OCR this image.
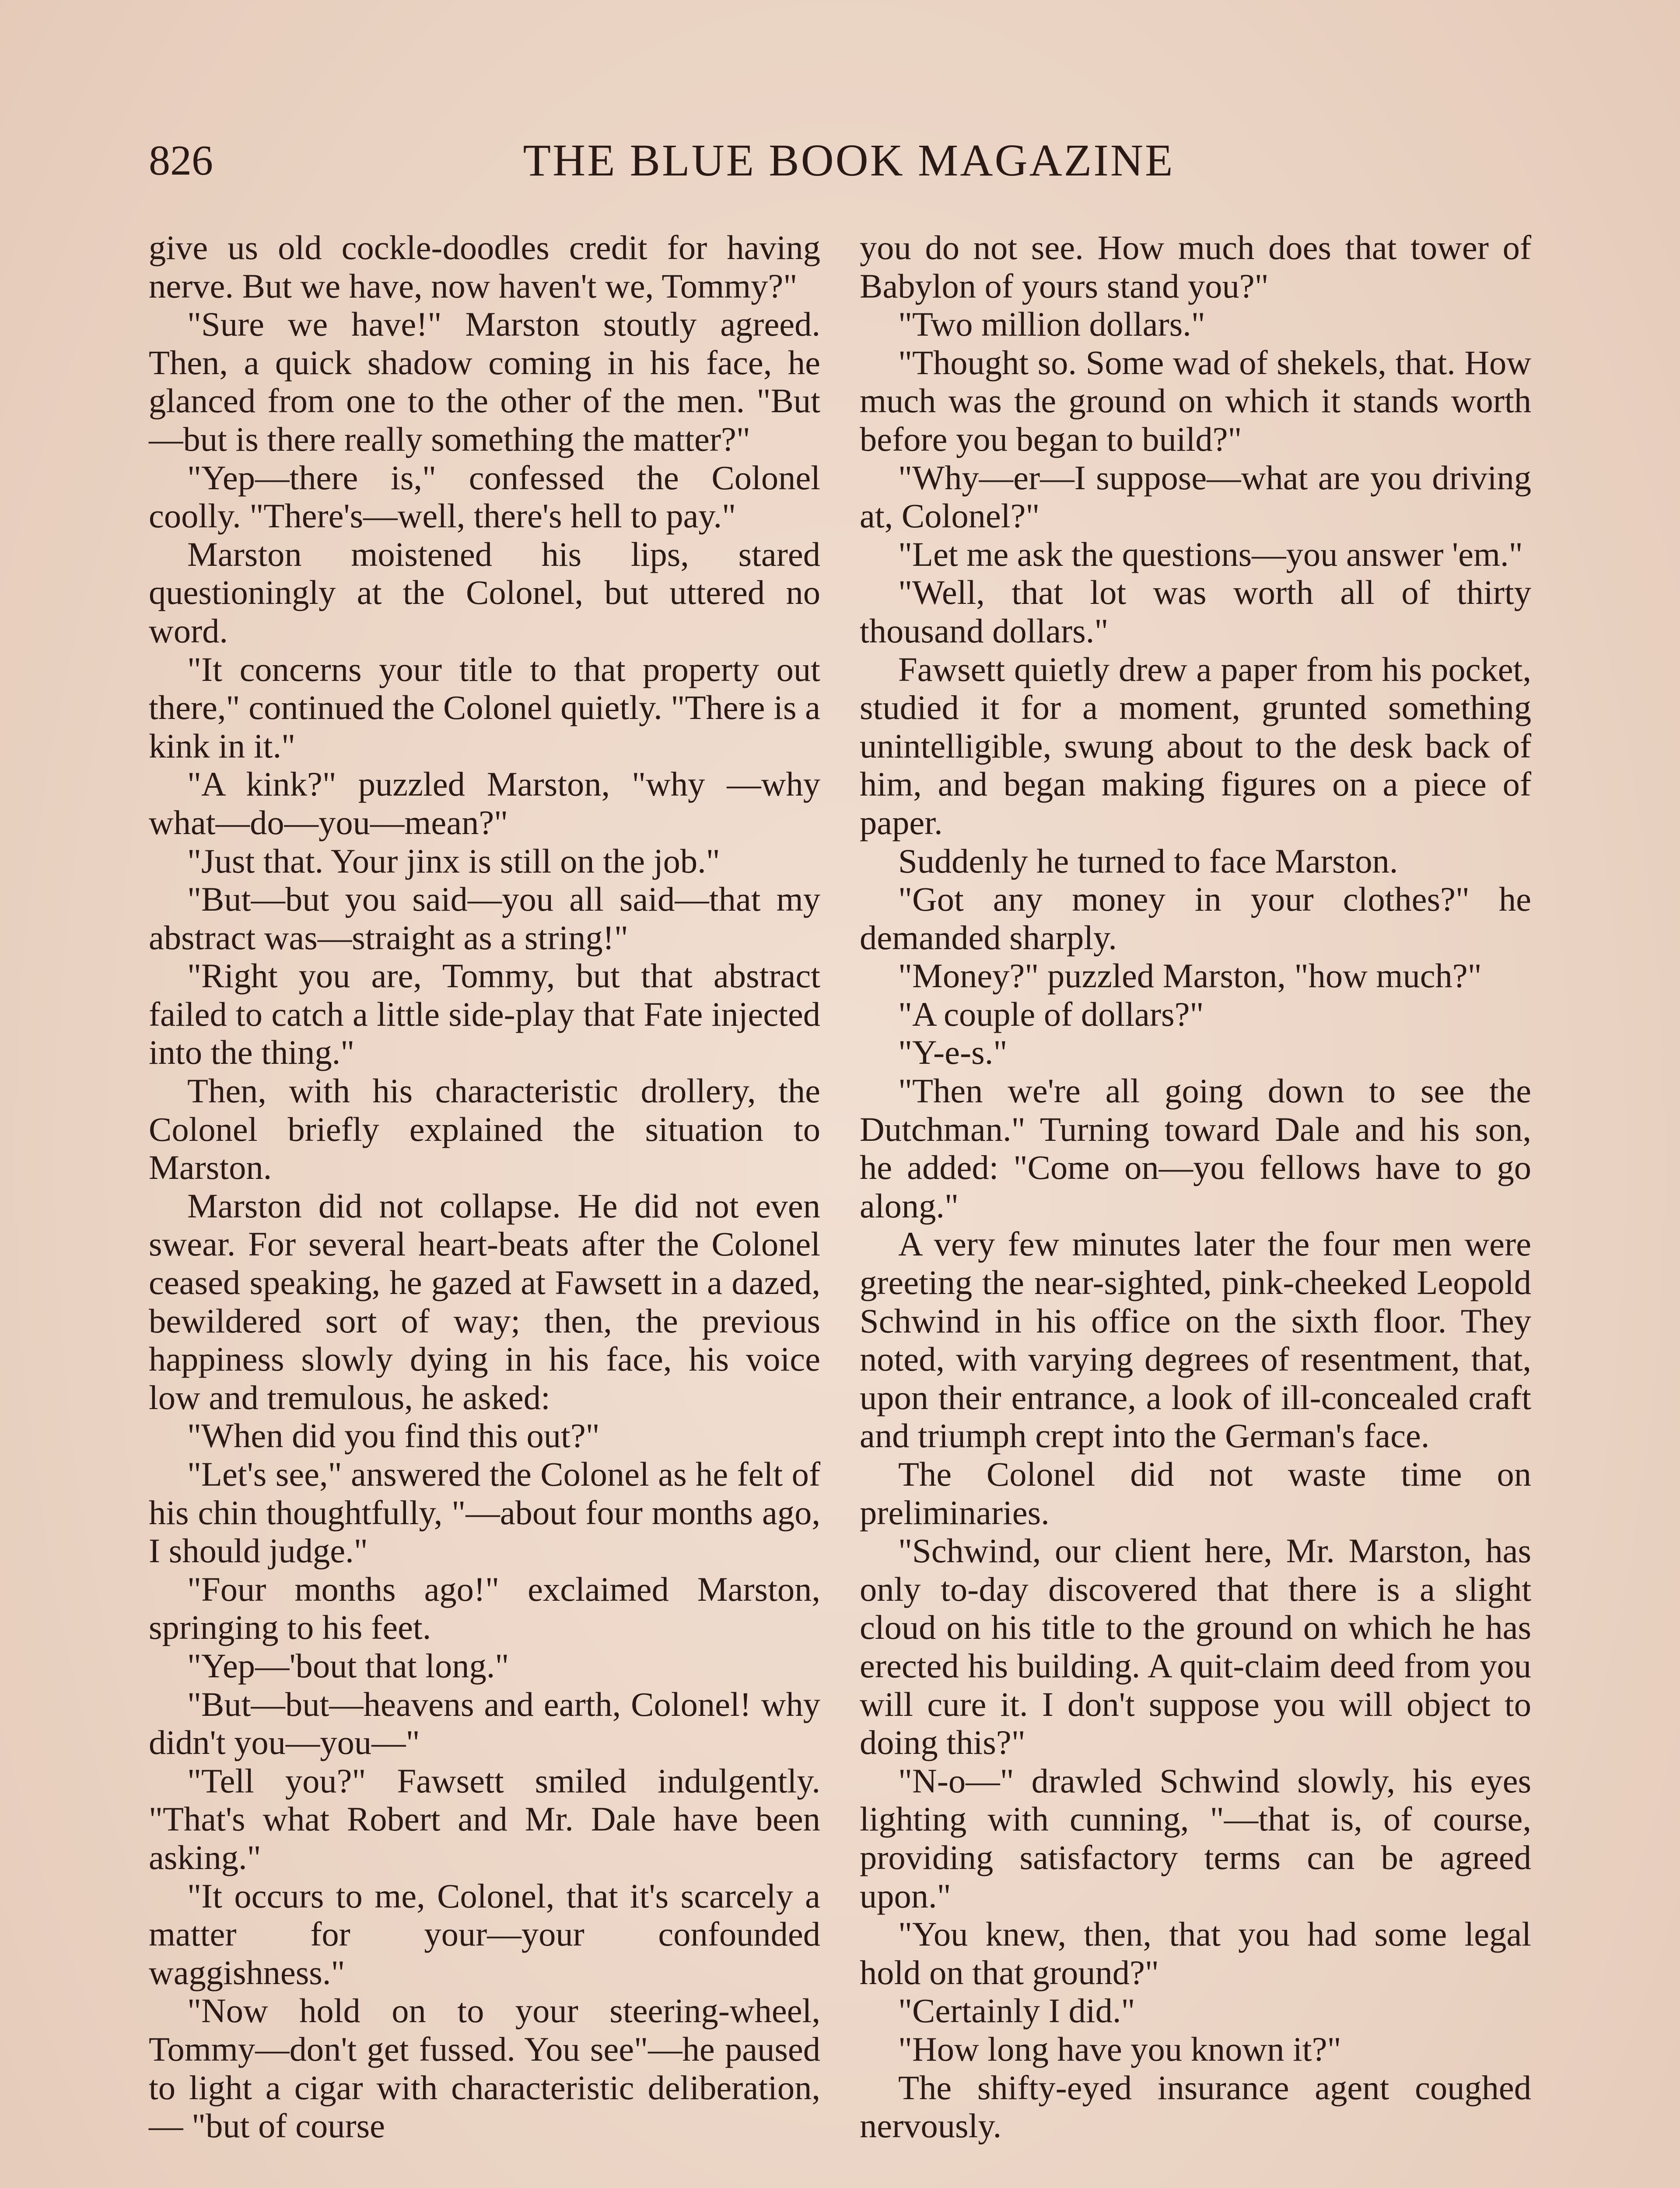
826	THE BLUE BOOK MAGAZINE

give us old cockle-doodles credit for having nerve. But we have, now haven't we, Tommy?"

"Sure we have!" Marston stoutly agreed. Then, a quick shadow coming in his face, he glanced from one to the other of the men. "But—but is there really something the matter?"

"Yep—there is," confessed the Colonel coolly. "There's—well, there's hell to pay."

Marston moistened his lips, stared questioningly at the Colonel, but uttered no word.

"It concerns your title to that property out there," continued the Colonel quietly. "There is a kink in it."

"A kink?" puzzled Marston, "why —why what—do—you—mean?"

"Just that. Your jinx is still on the job."

"But—but you said—you all said—that my abstract was—straight as a string!"

"Right you are, Tommy, but that abstract failed to catch a little side-play that Fate injected into the thing."

Then, with his characteristic drollery, the Colonel briefly explained the situation to Marston.

Marston did not collapse. He did not even swear. For several heart-beats after the Colonel ceased speaking, he gazed at Fawsett in a dazed, bewildered sort of way; then, the previous happiness slowly dying in his face, his voice low and tremulous, he asked:

"When did you find this out?"

"Let's see," answered the Colonel as he felt of his chin thoughtfully, "—about four months ago, I should judge."

"Four months ago!" exclaimed Marston, springing to his feet.

"Yep—'bout that long."

"But—but—heavens and earth, Colonel! why didn't you—you—"

"Tell you?" Fawsett smiled indulgently. "That's what Robert and Mr. Dale have been asking."

"It occurs to me, Colonel, that it's scarcely a matter for your—your confounded waggishness."

"Now hold on to your steering-wheel, Tommy—don't get fussed. You see"—he paused to light a cigar with characteristic deliberation,— "but of course

you do not see. How much does that tower of Babylon of yours stand you?"

"Two million dollars."

"Thought so. Some wad of shekels, that. How much was the ground on which it stands worth before you began to build?"

"Why—er—I suppose—what are you driving at, Colonel?"

"Let me ask the questions—you answer 'em."

"Well, that lot was worth all of thirty thousand dollars."

Fawsett quietly drew a paper from his pocket, studied it for a moment, grunted something unintelligible, swung about to the desk back of him, and began making figures on a piece of paper.

Suddenly he turned to face Marston.

"Got any money in your clothes?" he demanded sharply.

"Money?" puzzled Marston, "how much?"

"A couple of dollars?"

"Y-e-s."

"Then we're all going down to see the Dutchman." Turning toward Dale and his son, he added: "Come on—you fellows have to go along."

A very few minutes later the four men were greeting the near-sighted, pink-cheeked Leopold Schwind in his office on the sixth floor. They noted, with varying degrees of resentment, that, upon their entrance, a look of ill-concealed craft and triumph crept into the German's face.

The Colonel did not waste time on preliminaries.

"Schwind, our client here, Mr. Marston, has only to-day discovered that there is a slight cloud on his title to the ground on which he has erected his building. A quit-claim deed from you will cure it. I don't suppose you will object to doing this?"

"N-o—" drawled Schwind slowly, his eyes lighting with cunning, "—that is, of course, providing satisfactory terms can be agreed upon."

"You knew, then, that you had some legal hold on that ground?"

"Certainly I did."

"How long have you known it?"

The shifty-eyed insurance agent coughed nervously.
